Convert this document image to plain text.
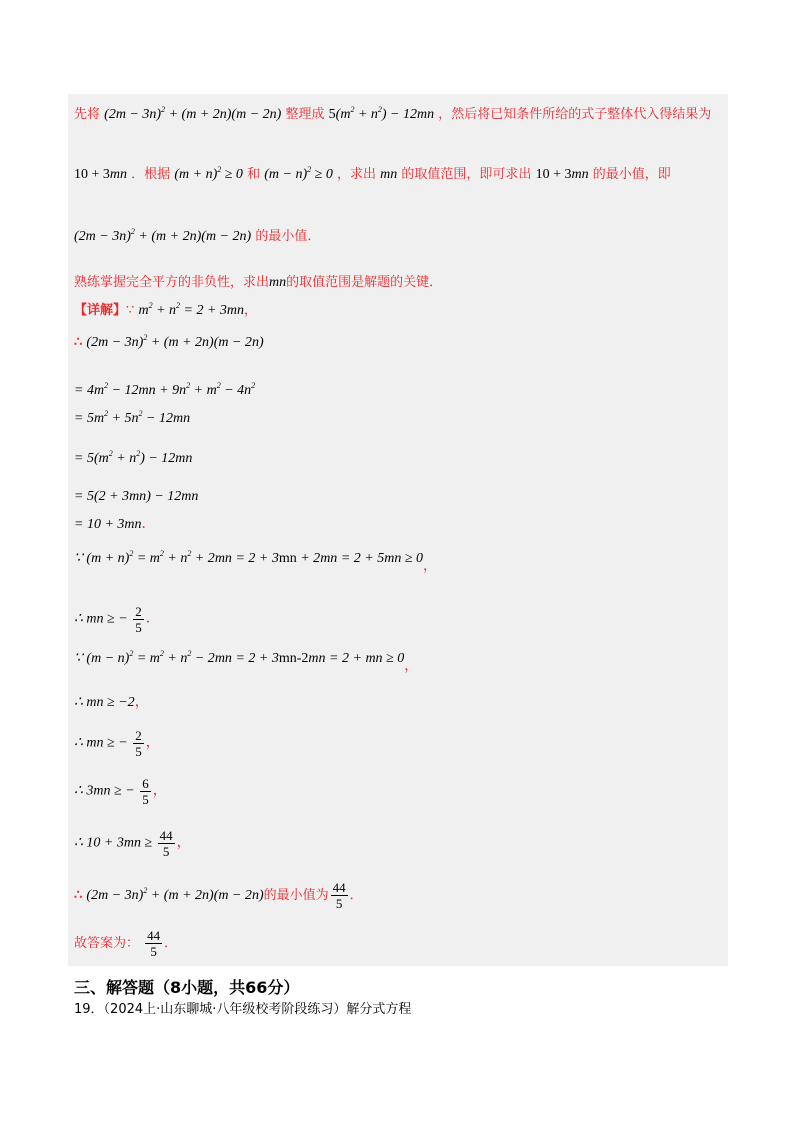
先将 $(2m - 3n)^2 + (m + 2n)(m - 2n)$ 整理成 $5(m^2 + n^2) - 12mn$ ，然后将已知条件所给的式子整体代入得结果为
10 + 3mn ．根据 $(m + n)^2 \ge 0$ 和 $(m - n)^2 \ge 0$ ，求出 mn 的取值范围，即可求出 10 + 3mn 的最小值，即
$(2m - 3n)^2 + (m + 2n)(m - 2n)$ 的最小值．
熟练掌握完全平方的非负性，求出mn的取值范围是解题的关键．
【详解】∵ $m^2 + n^2 = 2 + 3mn$，
∴ $(2m - 3n)^2 + (m + 2n)(m - 2n)$
= $4m^2 - 12mn + 9n^2 + m^2 - 4n^2$
= $5m^2 + 5n^2 - 12mn$
= $5(m^2 + n^2) - 12mn$
= 5(2 + 3mn) − 12mn
= 10 + 3mn．
∵ $(m + n)^2 = m^2 + n^2 + 2mn = 2 + 3mn + 2mn = 2 + 5mn \ge 0$，
∴ mn ≥ − $\frac{2}{5}$ ．
∵ $(m - n)^2 = m^2 + n^2 - 2mn = 2 + 3mn-2mn = 2$ + mn ≥ 0，
∴ mn ≥ −2，
∴ mn ≥ − $\frac{2}{5}$ ，
∴ 3mn ≥ − $\frac{6}{5}$ ，
∴ $10 + 3mn \ge \frac{44}{5}$ ，
∴ $(2m - 3n)^2 + (m + 2n)(m - 2n)$的最小值为 $\frac{44}{5}$ ．
故答案为： $\frac{44}{5}$ ．
三、解答题（8小题，共66分）
19．（2024上·山东聊城·八年级校考阶段练习）解分式方程
